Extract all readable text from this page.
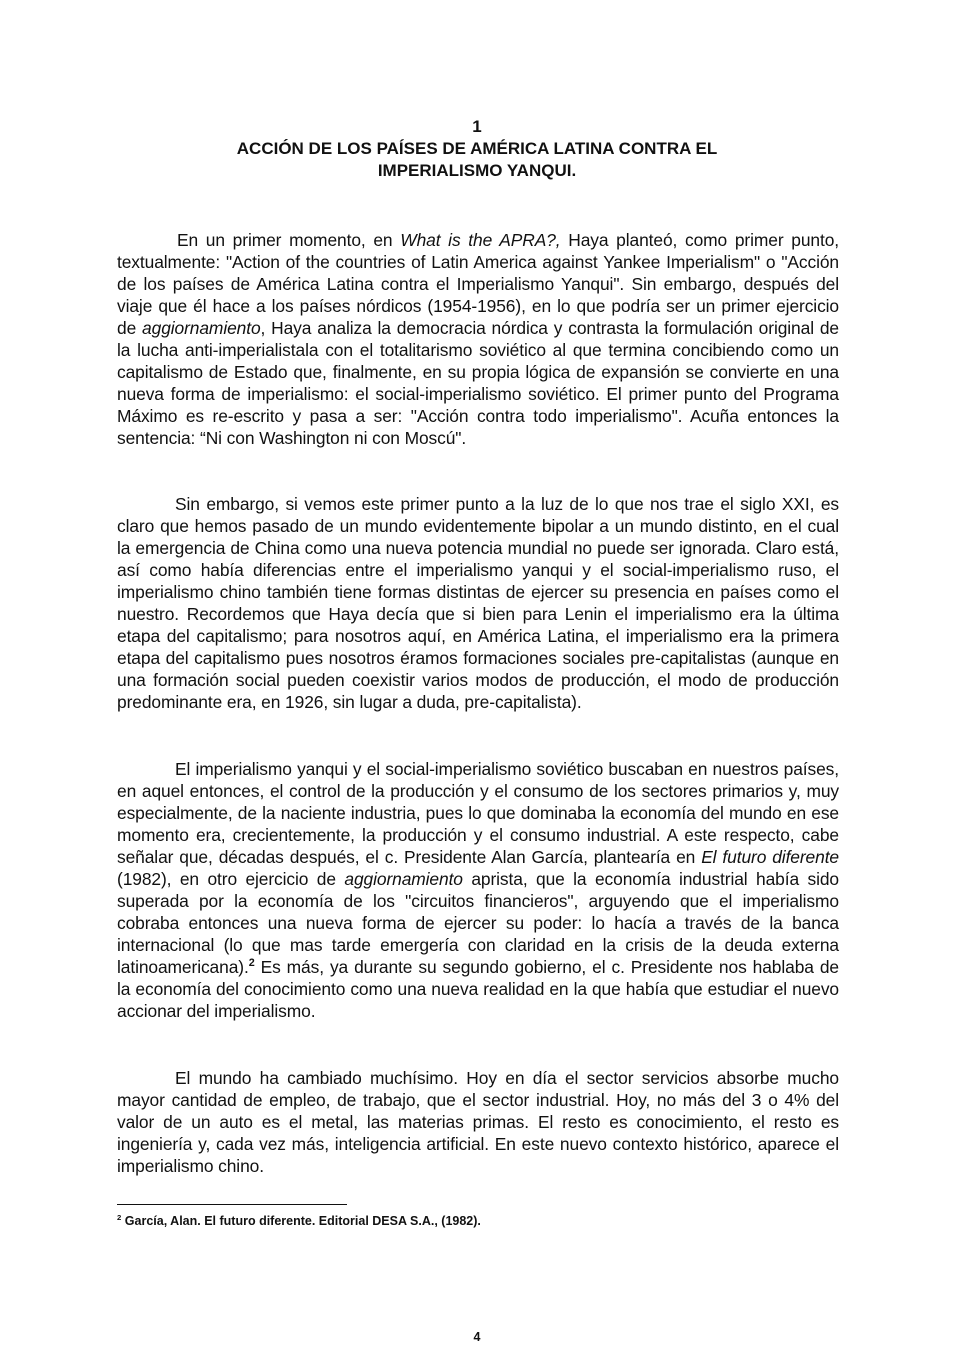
1
ACCIÓN DE LOS PAÍSES DE AMÉRICA LATINA CONTRA EL
IMPERIALISMO YANQUI.

En un primer momento, en What is the APRA?, Haya planteó, como primer punto, textualmente: "Action of the countries of Latin America against Yankee Imperialism" o "Acción de los países de América Latina contra el Imperialismo Yanqui". Sin embargo, después del viaje que él hace a los países nórdicos (1954-1956), en lo que podría ser un primer ejercicio de aggiornamiento, Haya analiza la democracia nórdica y contrasta la formulación original de la lucha anti-imperialistala con el totalitarismo soviético al que termina concibiendo como un capitalismo de Estado que, finalmente, en su propia lógica de expansión se convierte en una nueva forma de imperialismo: el social-imperialismo soviético. El primer punto del Programa Máximo es re-escrito y pasa a ser: "Acción contra todo imperialismo". Acuña entonces la sentencia: “Ni con Washington ni con Moscú".

Sin embargo, si vemos este primer punto a la luz de lo que nos trae el siglo XXI, es claro que hemos pasado de un mundo evidentemente bipolar a un mundo distinto, en el cual la emergencia de China como una nueva potencia mundial no puede ser ignorada. Claro está, así como había diferencias entre el imperialismo yanqui y el social-imperialismo ruso, el imperialismo chino también tiene formas distintas de ejercer su presencia en países como el nuestro. Recordemos que Haya decía que si bien para Lenin el imperialismo era la última etapa del capitalismo; para nosotros aquí, en América Latina, el imperialismo era la primera etapa del capitalismo pues nosotros éramos formaciones sociales pre-capitalistas (aunque en una formación social pueden coexistir varios modos de producción, el modo de producción predominante era, en 1926, sin lugar a duda, pre-capitalista).

El imperialismo yanqui y el social-imperialismo soviético buscaban en nuestros países, en aquel entonces, el control de la producción y el consumo de los sectores primarios y, muy especialmente, de la naciente industria, pues lo que dominaba la economía del mundo en ese momento era, crecientemente, la producción y el consumo industrial. A este respecto, cabe señalar que, décadas después, el c. Presidente Alan García, plantearía en El futuro diferente (1982), en otro ejercicio de aggiornamiento aprista, que la economía industrial había sido superada por la economía de los "circuitos financieros", arguyendo que el imperialismo cobraba entonces una nueva forma de ejercer su poder: lo hacía a través de la banca internacional (lo que mas tarde emergería con claridad en la crisis de la deuda externa latinoamericana).$^2$ Es más, ya durante su segundo gobierno, el c. Presidente nos hablaba de la economía del conocimiento como una nueva realidad en la que había que estudiar el nuevo accionar del imperialismo.

El mundo ha cambiado muchísimo. Hoy en día el sector servicios absorbe mucho mayor cantidad de empleo, de trabajo, que el sector industrial. Hoy, no más del 3 o 4% del valor de un auto es el metal, las materias primas. El resto es conocimiento, el resto es ingeniería y, cada vez más, inteligencia artificial. En este nuevo contexto histórico, aparece el imperialismo chino.

$^2$ García, Alan. El futuro diferente. Editorial DESA S.A., (1982).
4
